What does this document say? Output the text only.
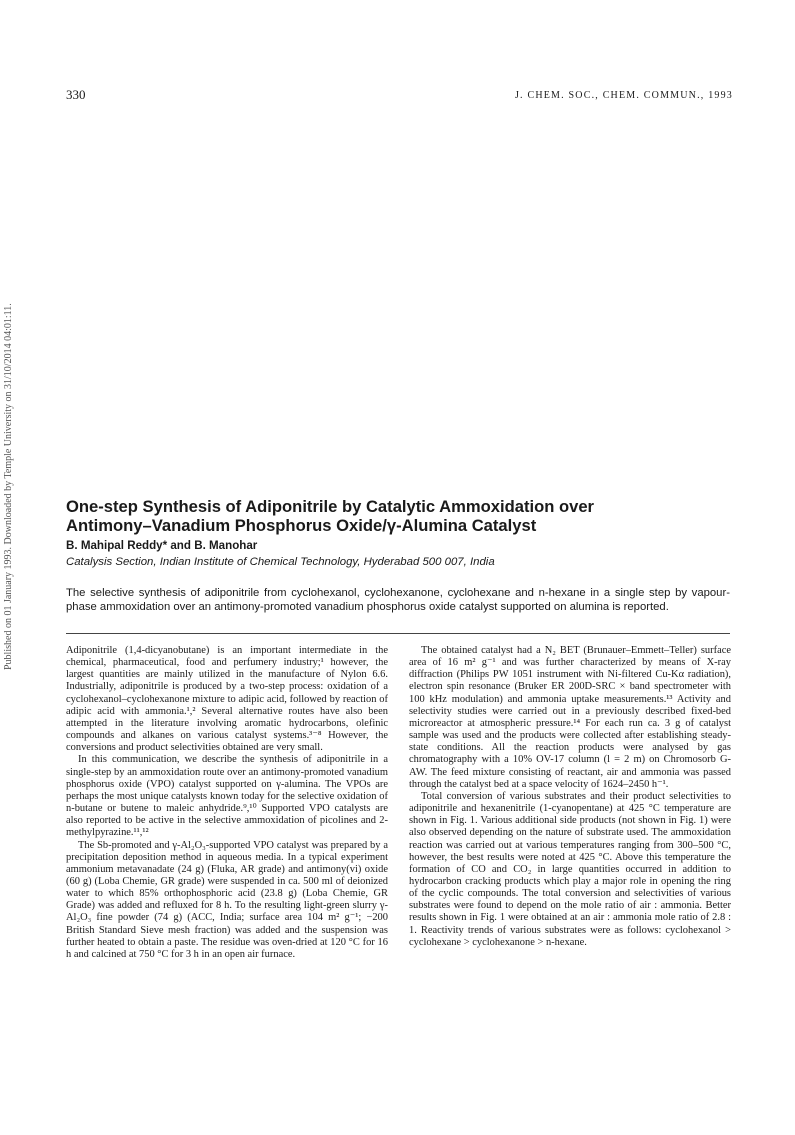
330	J. CHEM. SOC., CHEM. COMMUN., 1993
Published on 01 January 1993. Downloaded by Temple University on 31/10/2014 04:01:11.	One-step Synthesis of Adiponitrile by Catalytic Ammoxidation over
Antimony–Vanadium Phosphorus Oxide/γ-Alumina Catalyst
B. Mahipal Reddy* and B. Manohar
Catalysis Section, Indian Institute of Chemical Technology, Hyderabad 500 007, India
The selective synthesis of adiponitrile from cyclohexanol, cyclohexanone, cyclohexane and n-hexane in a single step by vapour-phase ammoxidation over an antimony-promoted vanadium phosphorus oxide catalyst supported on alumina is reported.

Adiponitrile (1,4-dicyanobutane) is an important intermediate in the chemical, pharmaceutical, food and perfumery industry;¹ however, the largest quantities are mainly utilized in the manufacture of Nylon 6.6. Industrially, adiponitrile is produced by a two-step process: oxidation of a cyclohexanol–cyclohexanone mixture to adipic acid, followed by reaction of adipic acid with ammonia.¹,² Several alternative routes have also been attempted in the literature involving aromatic hydrocarbons, olefinic compounds and alkanes on various catalyst systems.³⁻⁸ However, the conversions and product selectivities obtained are very small.

In this communication, we describe the synthesis of adiponitrile in a single-step by an ammoxidation route over an antimony-promoted vanadium phosphorus oxide (VPO) catalyst supported on γ-alumina. The VPOs are perhaps the most unique catalysts known today for the selective oxidation of n-butane or butene to maleic anhydride.⁹,¹⁰ Supported VPO catalysts are also reported to be active in the selective ammoxidation of picolines and 2-methylpyrazine.¹¹,¹²

The Sb-promoted and γ-Al₂O₃-supported VPO catalyst was prepared by a precipitation deposition method in aqueous media. In a typical experiment ammonium metavanadate (24 g) (Fluka, AR grade) and antimony(vi) oxide (60 g) (Loba Chemie, GR grade) were suspended in ca. 500 ml of deionized water to which 85% orthophosphoric acid (23.8 g) (Loba Chemie, GR Grade) was added and refluxed for 8 h. To the resulting light-green slurry γ-Al₂O₃ fine powder (74 g) (ACC, India; surface area 104 m² g⁻¹; −200 British Standard Sieve mesh fraction) was added and the suspension was further heated to obtain a paste. The residue was oven-dried at 120 °C for 16 h and calcined at 750 °C for 3 h in an open air furnace.

The obtained catalyst had a N₂ BET (Brunauer–Emmett–Teller) surface area of 16 m² g⁻¹ and was further characterized by means of X-ray diffraction (Philips PW 1051 instrument with Ni-filtered Cu-Kα radiation), electron spin resonance (Bruker ER 200D-SRC × band spectrometer with 100 kHz modulation) and ammonia uptake measurements.¹³ Activity and selectivity studies were carried out in a previously described fixed-bed microreactor at atmospheric pressure.¹⁴ For each run ca. 3 g of catalyst sample was used and the products were collected after establishing steady-state conditions. All the reaction products were analysed by gas chromatography with a 10% OV-17 column (l = 2 m) on Chromosorb G-AW. The feed mixture consisting of reactant, air and ammonia was passed through the catalyst bed at a space velocity of 1624–2450 h⁻¹.

Total conversion of various substrates and their product selectivities to adiponitrile and hexanenitrile (1-cyanopentane) at 425 °C temperature are shown in Fig. 1. Various additional side products (not shown in Fig. 1) were also observed depending on the nature of substrate used. The ammoxidation reaction was carried out at various temperatures ranging from 300–500 °C, however, the best results were noted at 425 °C. Above this temperature the formation of CO and CO₂ in large quantities occurred in addition to hydrocarbon cracking products which play a major role in opening the ring of the cyclic compounds. The total conversion and selectivities of various substrates were found to depend on the mole ratio of air : ammonia. Better results shown in Fig. 1 were obtained at an air : ammonia mole ratio of 2.8 : 1. Reactivity trends of various substrates were as follows: cyclohexanol > cyclohexane > cyclohexanone > n-hexane.
